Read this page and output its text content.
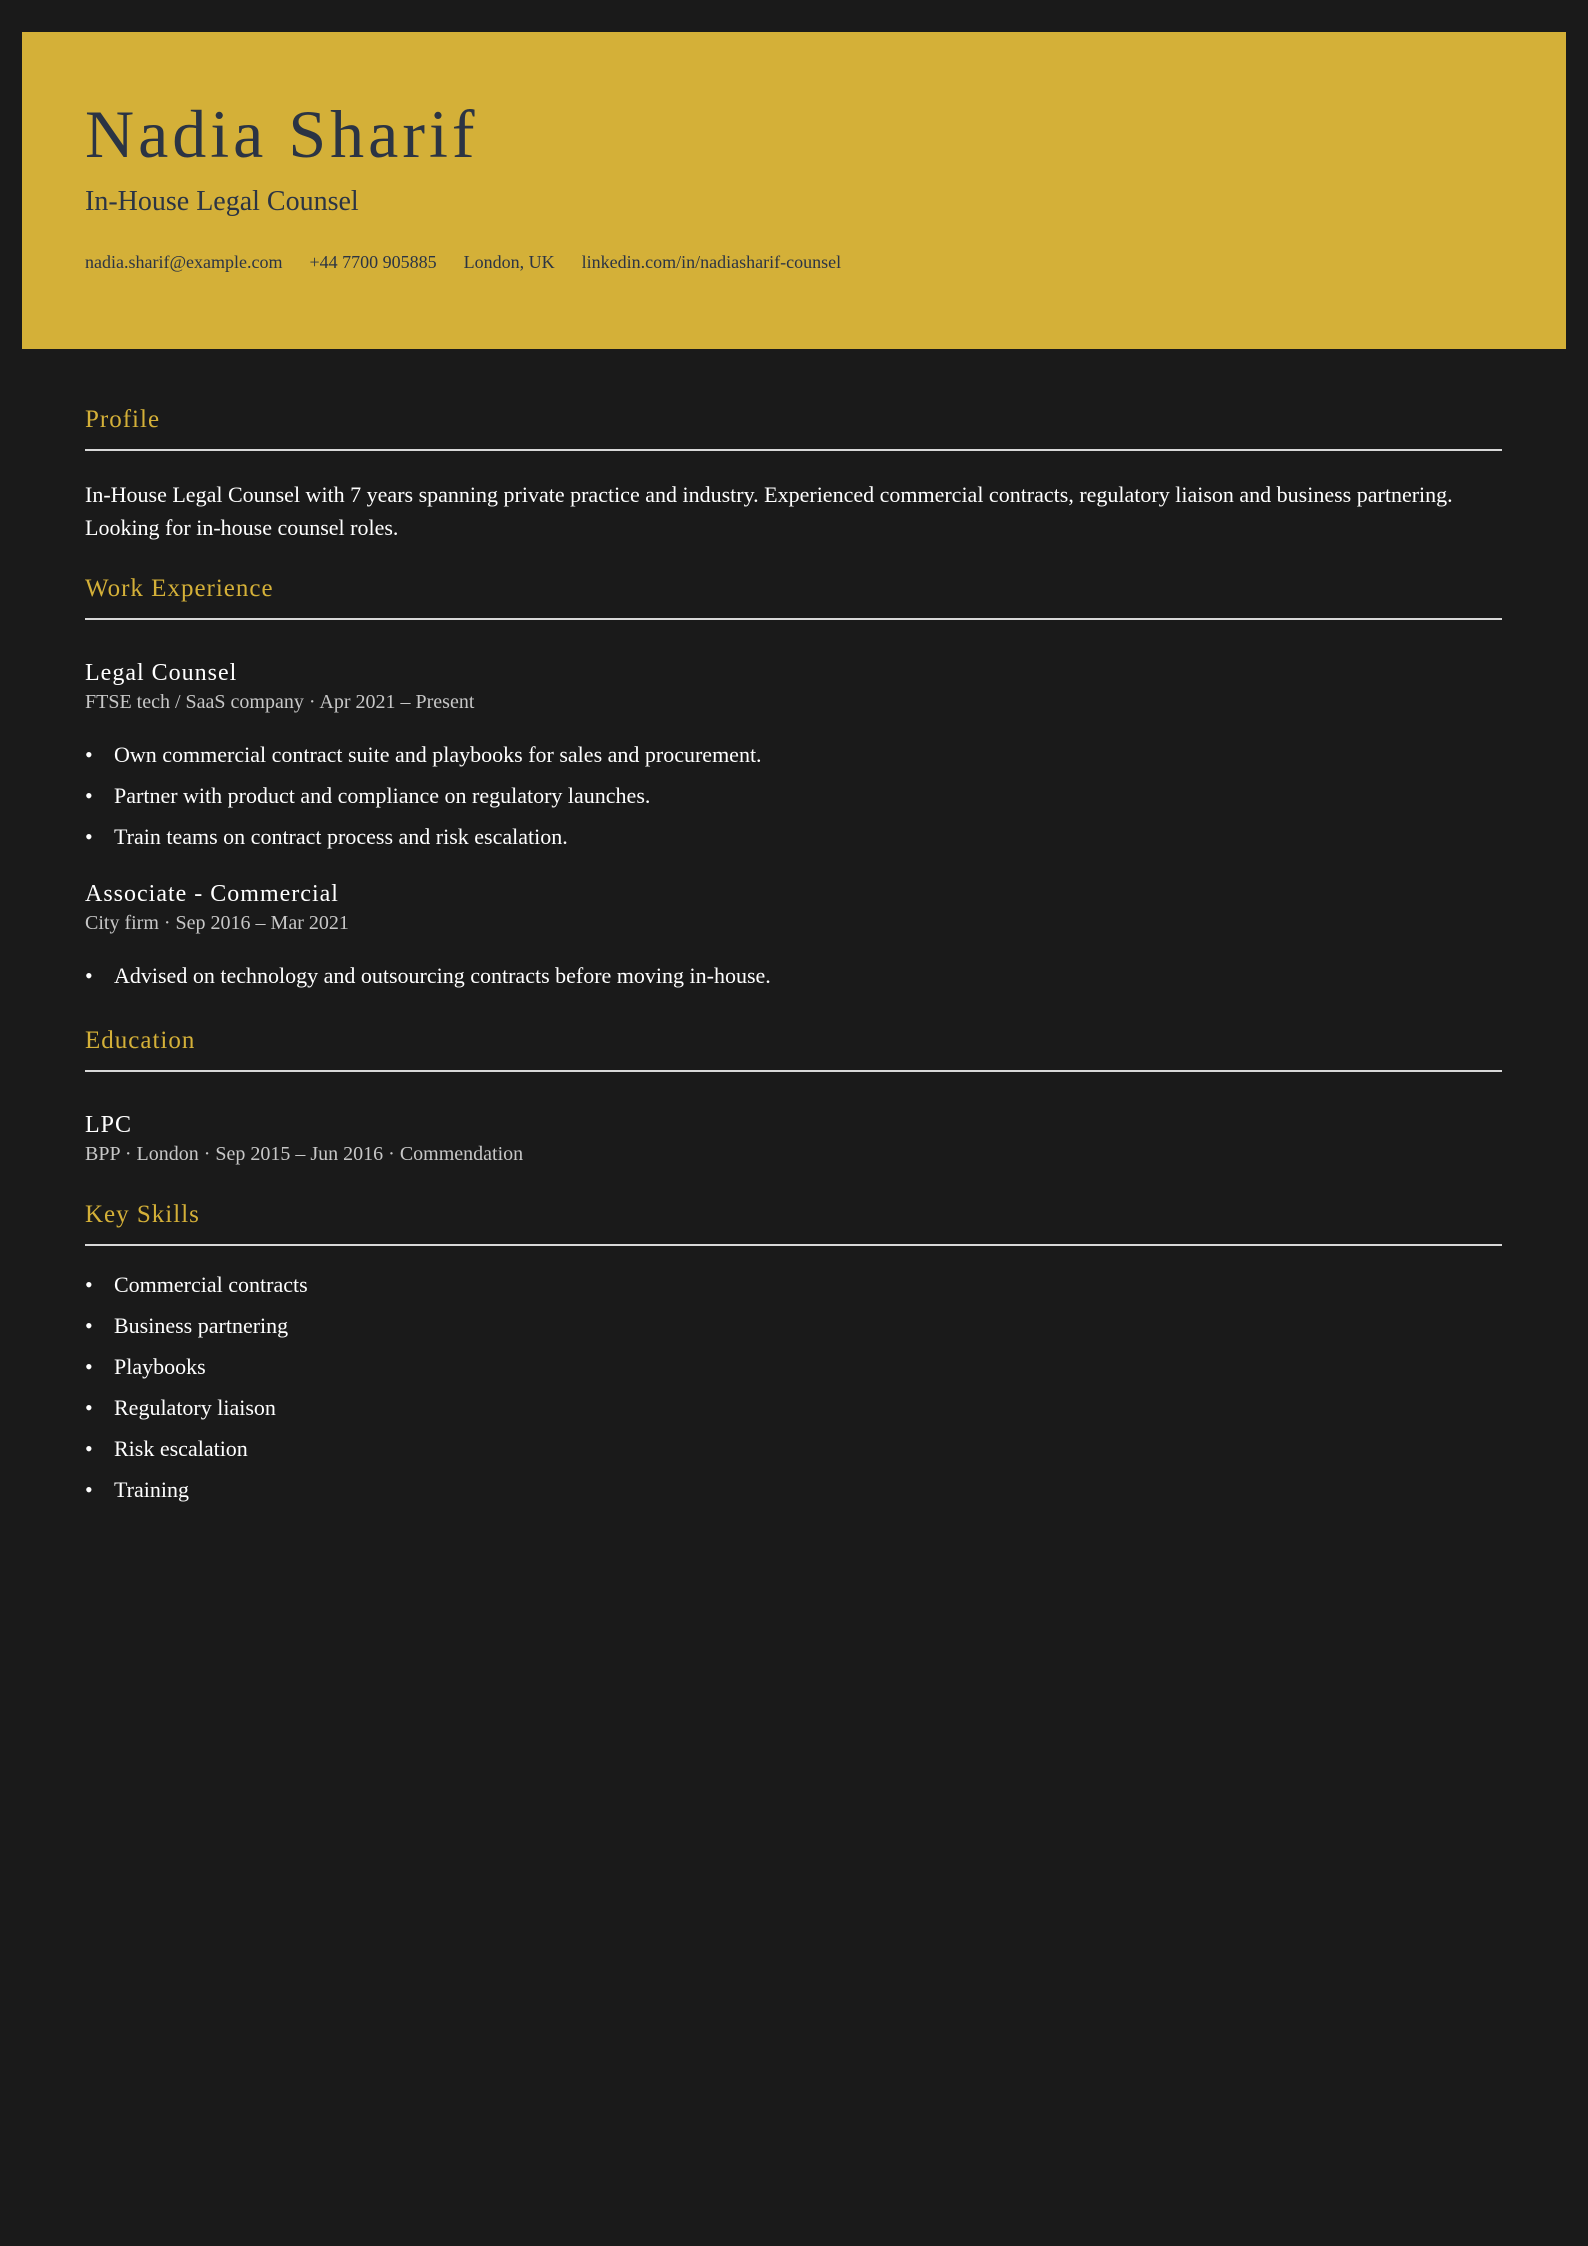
Nadia Sharif
In-House Legal Counsel
nadia.sharif@example.com +44 7700 905885 London, UK linkedin.com/in/nadiasharif-counsel
Profile

In-House Legal Counsel with 7 years spanning private practice and industry. Experienced commercial contracts, regulatory liaison and business partnering. Looking for in-house counsel roles.

Work Experience
Legal Counsel
FTSE tech / SaaS company · Apr 2021 – Present
• Own commercial contract suite and playbooks for sales and procurement.
• Partner with product and compliance on regulatory launches.
• Train teams on contract process and risk escalation.
Associate - Commercial
City firm · Sep 2016 – Mar 2021
• Advised on technology and outsourcing contracts before moving in-house.
Education
LPC
BPP · London · Sep 2015 – Jun 2016 · Commendation
Key Skills
• Commercial contracts
• Business partnering
• Playbooks
• Regulatory liaison
• Risk escalation
• Training
